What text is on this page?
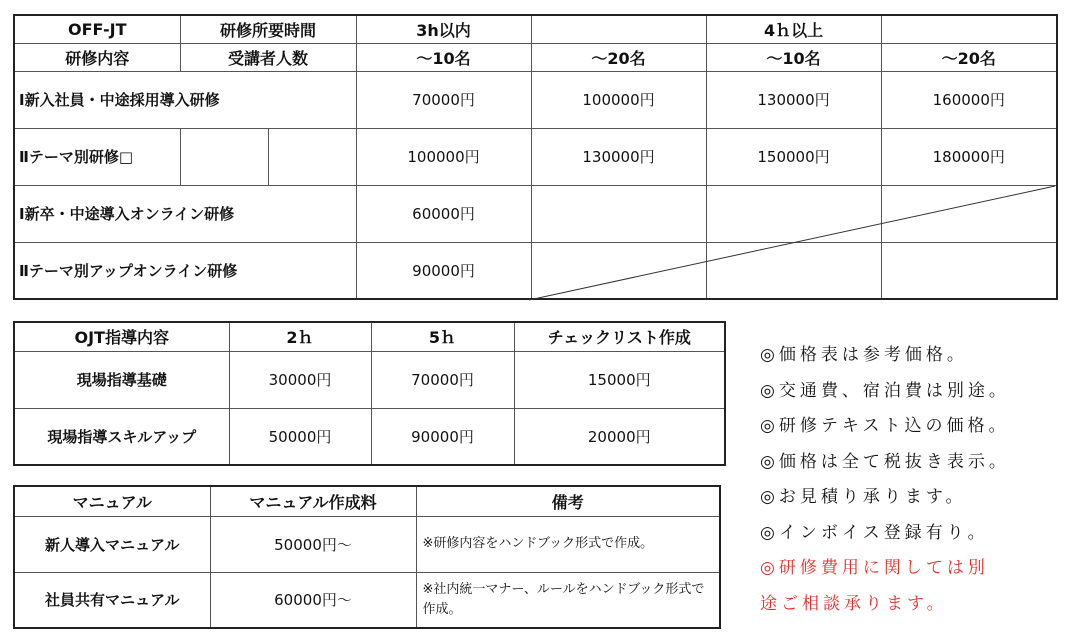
OFF-JT	研修所要時間		3h以内		4ｈ以上	
研修内容	受講者人数		～10名	～20名	～10名	～20名
Ⅰ新入社員・中途採用導入研修			70000円	100000円	130000円	160000円
Ⅱテーマ別研修□			100000円	130000円	150000円	180000円
Ⅰ新卒・中途導入オンライン研修			60000円			
Ⅱテーマ別アップオンライン研修			90000円			
OJT指導内容	2ｈ	5ｈ	チェックリスト作成
現場指導基礎	30000円	70000円	15000円
現場指導スキルアップ	50000円	90000円	20000円
マニュアル	マニュアル作成料	備考
新人導入マニュアル	50000円～	※研修内容をハンドブック形式で作成。
社員共有マニュアル	60000円～	※社内統一マナー、ルールをハンドブック形式で作成。
◎価格表は参考価格。
◎交通費、宿泊費は別途。
◎研修テキスト込の価格。
◎価格は全て税抜き表示。
◎お見積り承ります。
◎インボイス登録有り。
◎研修費用に関しては別
途ご相談承ります。
